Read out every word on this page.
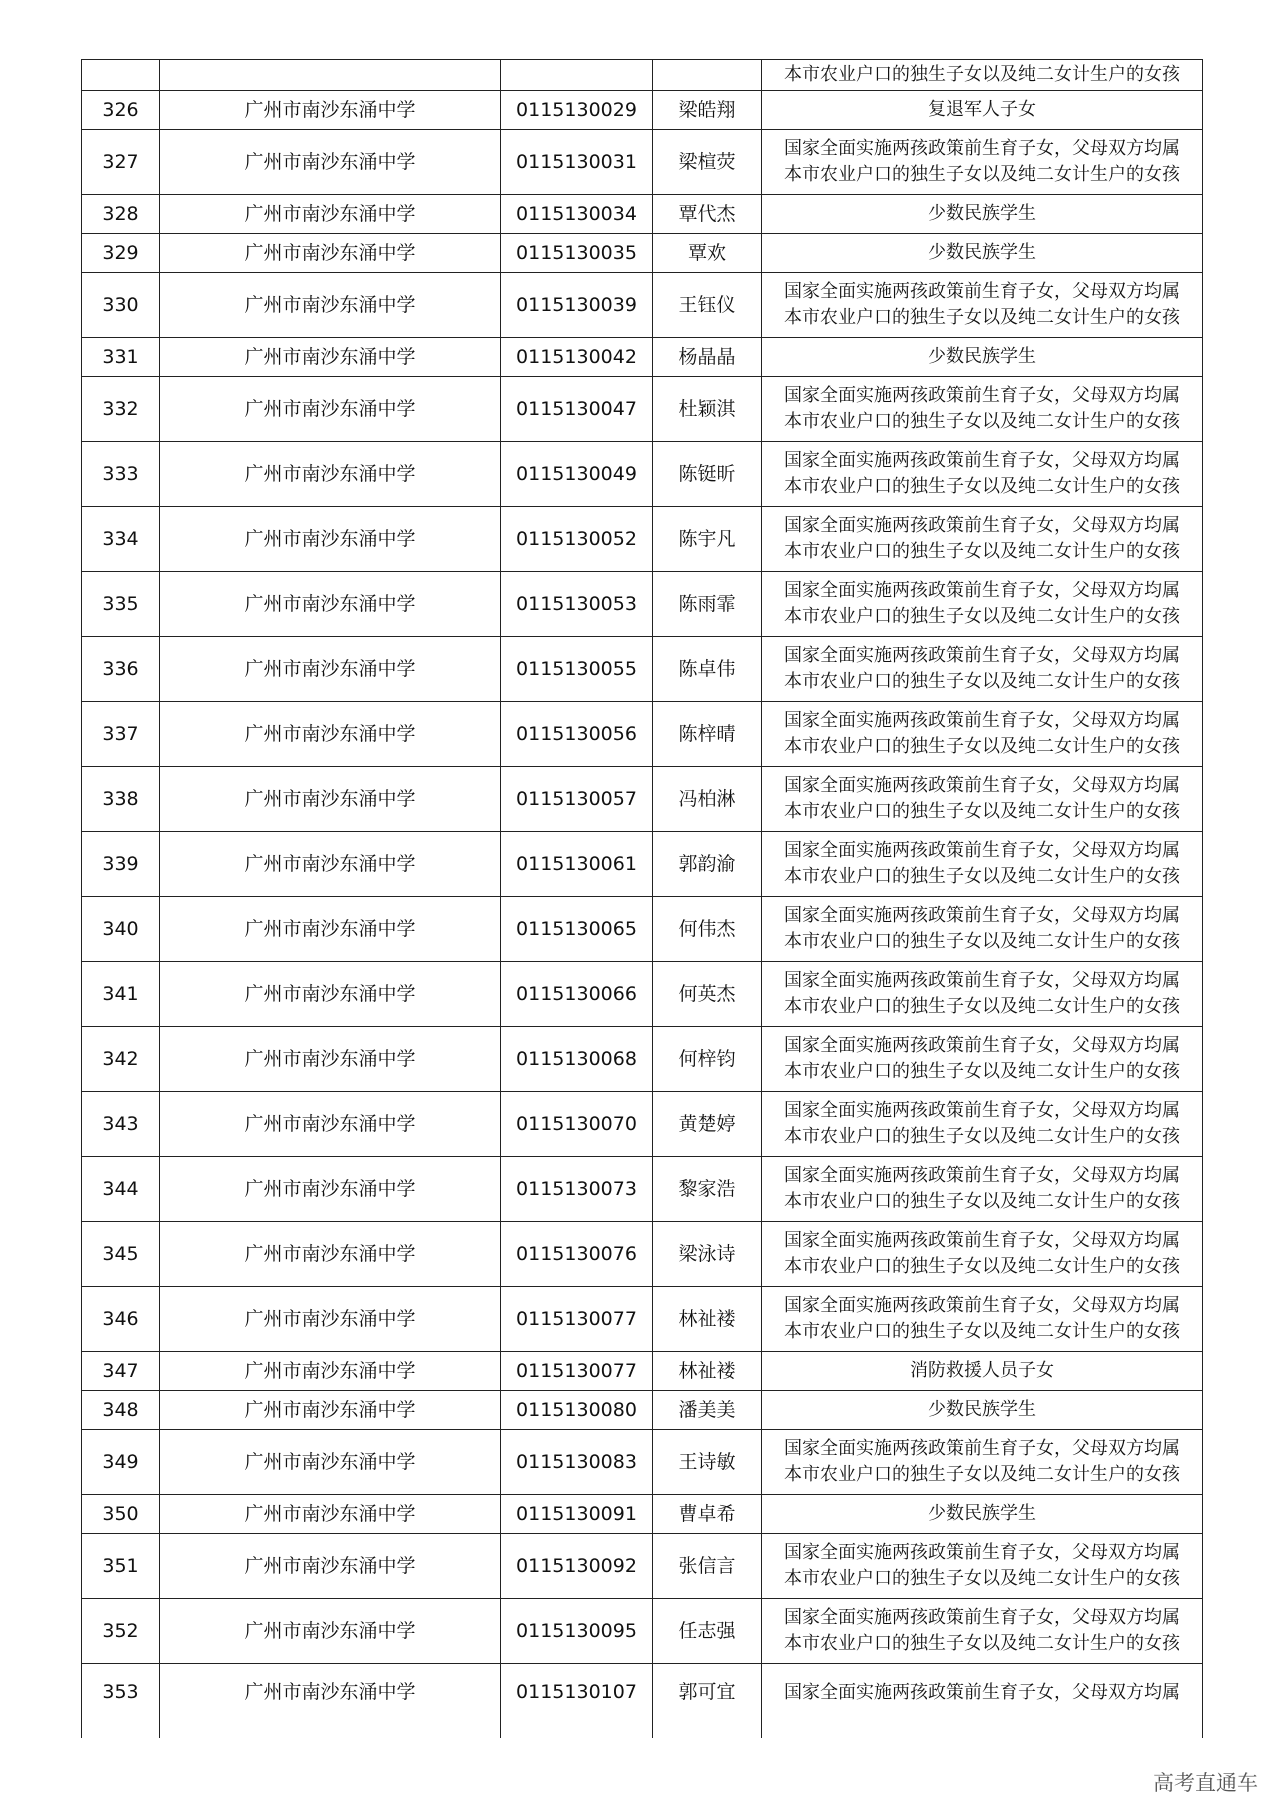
				本市农业户口的独生子女以及纯二女计生户的女孩

326	广州市南沙东涌中学	0115130029	梁皓翔	复退军人子女

327	广州市南沙东涌中学	0115130031	梁楦荧	国家全面实施两孩政策前生育子女，父母双方均属
本市农业户口的独生子女以及纯二女计生户的女孩

328	广州市南沙东涌中学	0115130034	覃代杰	少数民族学生

329	广州市南沙东涌中学	0115130035	覃欢	少数民族学生

330	广州市南沙东涌中学	0115130039	王钰仪	国家全面实施两孩政策前生育子女，父母双方均属
本市农业户口的独生子女以及纯二女计生户的女孩

331	广州市南沙东涌中学	0115130042	杨晶晶	少数民族学生

332	广州市南沙东涌中学	0115130047	杜颖淇	国家全面实施两孩政策前生育子女，父母双方均属
本市农业户口的独生子女以及纯二女计生户的女孩

333	广州市南沙东涌中学	0115130049	陈铤昕	国家全面实施两孩政策前生育子女，父母双方均属
本市农业户口的独生子女以及纯二女计生户的女孩

334	广州市南沙东涌中学	0115130052	陈宇凡	国家全面实施两孩政策前生育子女，父母双方均属
本市农业户口的独生子女以及纯二女计生户的女孩

335	广州市南沙东涌中学	0115130053	陈雨霏	国家全面实施两孩政策前生育子女，父母双方均属
本市农业户口的独生子女以及纯二女计生户的女孩

336	广州市南沙东涌中学	0115130055	陈卓伟	国家全面实施两孩政策前生育子女，父母双方均属
本市农业户口的独生子女以及纯二女计生户的女孩

337	广州市南沙东涌中学	0115130056	陈梓晴	国家全面实施两孩政策前生育子女，父母双方均属
本市农业户口的独生子女以及纯二女计生户的女孩

338	广州市南沙东涌中学	0115130057	冯柏淋	国家全面实施两孩政策前生育子女，父母双方均属
本市农业户口的独生子女以及纯二女计生户的女孩

339	广州市南沙东涌中学	0115130061	郭韵渝	国家全面实施两孩政策前生育子女，父母双方均属
本市农业户口的独生子女以及纯二女计生户的女孩

340	广州市南沙东涌中学	0115130065	何伟杰	国家全面实施两孩政策前生育子女，父母双方均属
本市农业户口的独生子女以及纯二女计生户的女孩

341	广州市南沙东涌中学	0115130066	何英杰	国家全面实施两孩政策前生育子女，父母双方均属
本市农业户口的独生子女以及纯二女计生户的女孩

342	广州市南沙东涌中学	0115130068	何梓钧	国家全面实施两孩政策前生育子女，父母双方均属
本市农业户口的独生子女以及纯二女计生户的女孩

343	广州市南沙东涌中学	0115130070	黄楚婷	国家全面实施两孩政策前生育子女，父母双方均属
本市农业户口的独生子女以及纯二女计生户的女孩

344	广州市南沙东涌中学	0115130073	黎家浩	国家全面实施两孩政策前生育子女，父母双方均属
本市农业户口的独生子女以及纯二女计生户的女孩

345	广州市南沙东涌中学	0115130076	梁泳诗	国家全面实施两孩政策前生育子女，父母双方均属
本市农业户口的独生子女以及纯二女计生户的女孩

346	广州市南沙东涌中学	0115130077	林祉褛	国家全面实施两孩政策前生育子女，父母双方均属
本市农业户口的独生子女以及纯二女计生户的女孩

347	广州市南沙东涌中学	0115130077	林祉褛	消防救援人员子女

348	广州市南沙东涌中学	0115130080	潘美美	少数民族学生

349	广州市南沙东涌中学	0115130083	王诗敏	国家全面实施两孩政策前生育子女，父母双方均属
本市农业户口的独生子女以及纯二女计生户的女孩

350	广州市南沙东涌中学	0115130091	曹卓希	少数民族学生

351	广州市南沙东涌中学	0115130092	张信言	国家全面实施两孩政策前生育子女，父母双方均属
本市农业户口的独生子女以及纯二女计生户的女孩

352	广州市南沙东涌中学	0115130095	任志强	国家全面实施两孩政策前生育子女，父母双方均属
本市农业户口的独生子女以及纯二女计生户的女孩

353	广州市南沙东涌中学	0115130107	郭可宜	国家全面实施两孩政策前生育子女，父母双方均属
高考直通车
